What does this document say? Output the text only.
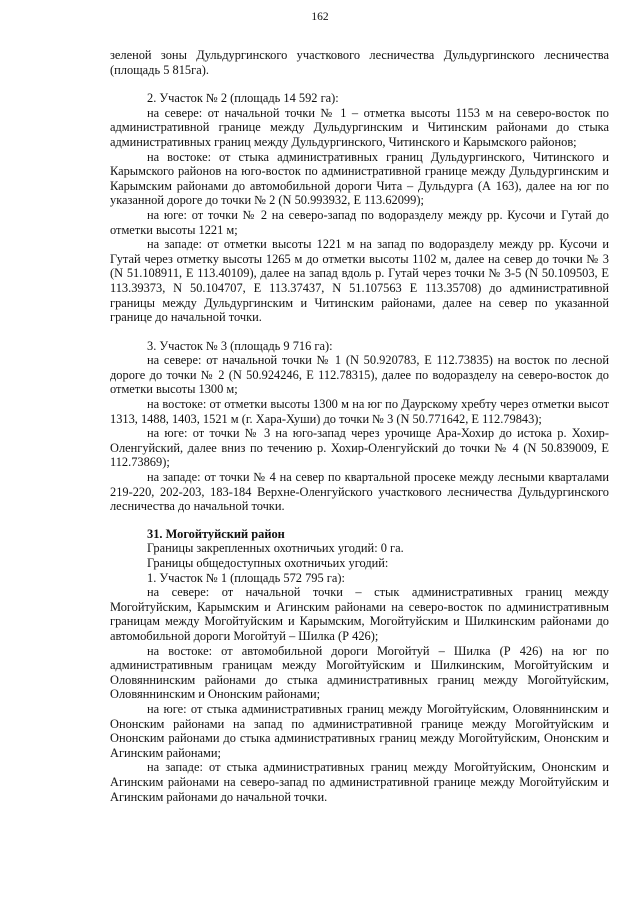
162

зеленой зоны Дульдургинского участкового лесничества Дульдургинского лесничества (площадь 5 815га).

2. Участок № 2 (площадь 14 592 га):

на севере: от начальной точки № 1 – отметка высоты 1153 м на северо-восток по административной границе между Дульдургинским и Читинским районами до стыка административных границ между Дульдургинского, Читинского и Карымского районов;

на востоке: от стыка административных границ Дульдургинского, Читинского и Карымского районов на юго-восток по административной границе между Дульдургинским и Карымским районами до автомобильной дороги Чита – Дульдурга (А 163), далее на юг по указанной дороге до точки № 2 (N 50.993932, E 113.62099);

на юге: от точки № 2 на северо-запад по водоразделу между рр. Кусочи и Гутай до отметки высоты 1221 м;

на западе: от отметки высоты 1221 м на запад по водоразделу между рр. Кусочи и Гутай через отметку высоты 1265 м до отметки высоты 1102 м, далее на север до точки № 3 (N 51.108911, E 113.40109), далее на запад вдоль р. Гутай через точки № 3-5 (N 50.109503, E 113.39373, N 50.104707, E 113.37437, N 51.107563 E 113.35708) до административной границы между Дульдургинским и Читинским районами, далее на север по указанной границе до начальной точки.

3. Участок № 3 (площадь 9 716 га):

на севере: от начальной точки № 1 (N 50.920783, E 112.73835) на восток по лесной дороге до точки № 2 (N 50.924246, E 112.78315), далее по водоразделу на северо-восток до отметки высоты 1300 м;

на востоке: от отметки высоты 1300 м на юг по Даурскому хребту через отметки высот 1313, 1488, 1403, 1521 м (г. Хара-Хуши) до точки № 3 (N 50.771642, E 112.79843);

на юге: от точки № 3 на юго-запад через урочище Ара-Хохир до истока р. Хохир-Оленгуйский, далее вниз по течению р. Хохир-Оленгуйский до точки № 4 (N 50.839009, E 112.73869);

на западе: от точки № 4 на север по квартальной просеке между лесными кварталами 219-220, 202-203, 183-184 Верхне-Оленгуйского участкового лесничества Дульдургинского лесничества до начальной точки.

31. Могойтуйский район

Границы закрепленных охотничьих угодий: 0 га.

Границы общедоступных охотничьих угодий:

1. Участок № 1 (площадь 572 795 га):

на севере: от начальной точки – стык административных границ между Могойтуйским, Карымским и Агинским районами на северо-восток по административным границам между Могойтуйским и Карымским, Могойтуйским и Шилкинским районами до автомобильной дороги Могойтуй – Шилка (Р 426);

на востоке: от автомобильной дороги Могойтуй – Шилка (Р 426) на юг по административным границам между Могойтуйским и Шилкинским, Могойтуйским и Оловяннинским районами до стыка административных границ между Могойтуйским, Оловяннинским и Ононским районами;

на юге: от стыка административных границ между Могойтуйским, Оловяннинским и Ононским районами на запад по административной границе между Могойтуйским и Ононским районами до стыка административных границ между Могойтуйским, Ононским и Агинским районами;

на западе: от стыка административных границ между Могойтуйским, Ононским и Агинским районами на северо-запад по административной границе между Могойтуйским и Агинским районами до начальной точки.
